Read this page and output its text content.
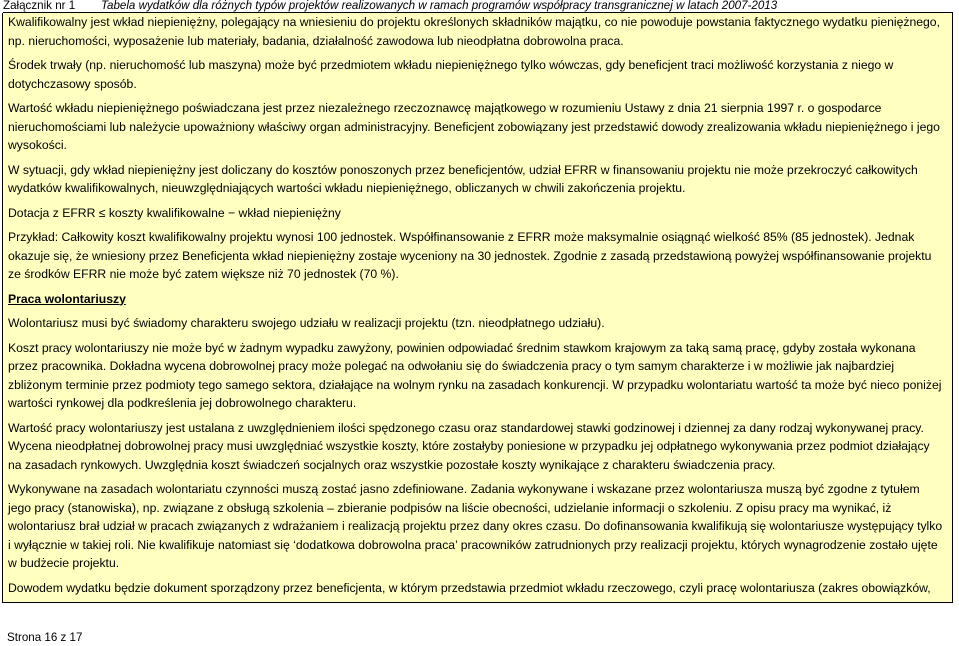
Załącznik nr 1 Tabela wydatków dla różnych typów projektów realizowanych w ramach programów współpracy transgranicznej w latach 2007-2013

Kwalifikowalny jest wkład niepieniężny, polegający na wniesieniu do projektu określonych składników majątku, co nie powoduje powstania faktycznego wydatku pieniężnego, np. nieruchomości, wyposażenie lub materiały, badania, działalność zawodowa lub nieodpłatna dobrowolna praca.

Środek trwały (np. nieruchomość lub maszyna) może być przedmiotem wkładu niepieniężnego tylko wówczas, gdy beneficjent traci możliwość korzystania z niego w dotychczasowy sposób.

Wartość wkładu niepieniężnego poświadczana jest przez niezależnego rzeczoznawcę majątkowego w rozumieniu Ustawy z dnia 21 sierpnia 1997 r. o gospodarce nieruchomościami lub należycie upoważniony właściwy organ administracyjny. Beneficjent zobowiązany jest przedstawić dowody zrealizowania wkładu niepieniężnego i jego wysokości.

W sytuacji, gdy wkład niepieniężny jest doliczany do kosztów ponoszonych przez beneficjentów, udział EFRR w finansowaniu projektu nie może przekroczyć całkowitych wydatków kwalifikowalnych, nieuwzględniających wartości wkładu niepieniężnego, obliczanych w chwili zakończenia projektu.

Dotacja z EFRR ≤ koszty kwalifikowalne − wkład niepieniężny

Przykład: Całkowity koszt kwalifikowalny projektu wynosi 100 jednostek. Współfinansowanie z EFRR może maksymalnie osiągnąć wielkość 85% (85 jednostek). Jednak okazuje się, że wniesiony przez Beneficjenta wkład niepieniężny zostaje wyceniony na 30 jednostek. Zgodnie z zasadą przedstawioną powyżej współfinansowanie projektu ze środków EFRR nie może być zatem większe niż 70 jednostek (70 %).

Praca wolontariuszy

Wolontariusz musi być świadomy charakteru swojego udziału w realizacji projektu (tzn. nieodpłatnego udziału).

Koszt pracy wolontariuszy nie może być w żadnym wypadku zawyżony, powinien odpowiadać średnim stawkom krajowym za taką samą pracę, gdyby została wykonana przez pracownika. Dokładna wycena dobrowolnej pracy może polegać na odwołaniu się do świadczenia pracy o tym samym charakterze i w możliwie jak najbardziej zbliżonym terminie przez podmioty tego samego sektora, działające na wolnym rynku na zasadach konkurencji. W przypadku wolontariatu wartość ta może być nieco poniżej wartości rynkowej dla podkreślenia jej dobrowolnego charakteru.

Wartość pracy wolontariuszy jest ustalana z uwzględnieniem ilości spędzonego czasu oraz standardowej stawki godzinowej i dziennej za dany rodzaj wykonywanej pracy. Wycena nieodpłatnej dobrowolnej pracy musi uwzględniać wszystkie koszty, które zostałyby poniesione w przypadku jej odpłatnego wykonywania przez podmiot działający na zasadach rynkowych. Uwzględnia koszt świadczeń socjalnych oraz wszystkie pozostałe koszty wynikające z charakteru świadczenia pracy.

Wykonywane na zasadach wolontariatu czynności muszą zostać jasno zdefiniowane. Zadania wykonywane i wskazane przez wolontariusza muszą być zgodne z tytułem jego pracy (stanowiska), np. związane z obsługą szkolenia – zbieranie podpisów na liście obecności, udzielanie informacji o szkoleniu. Z opisu pracy ma wynikać, iż wolontariusz brał udział w pracach związanych z wdrażaniem i realizacją projektu przez dany okres czasu. Do dofinansowania kwalifikują się wolontariusze występujący tylko i wyłącznie w takiej roli. Nie kwalifikuje natomiast się ‘dodatkowa dobrowolna praca’ pracowników zatrudnionych przy realizacji projektu, których wynagrodzenie zostało ujęte w budżecie projektu.

Dowodem wydatku będzie dokument sporządzony przez beneficjenta, w którym przedstawia przedmiot wkładu rzeczowego, czyli pracę wolontariusza (zakres obowiązków,

Strona 16 z 17
